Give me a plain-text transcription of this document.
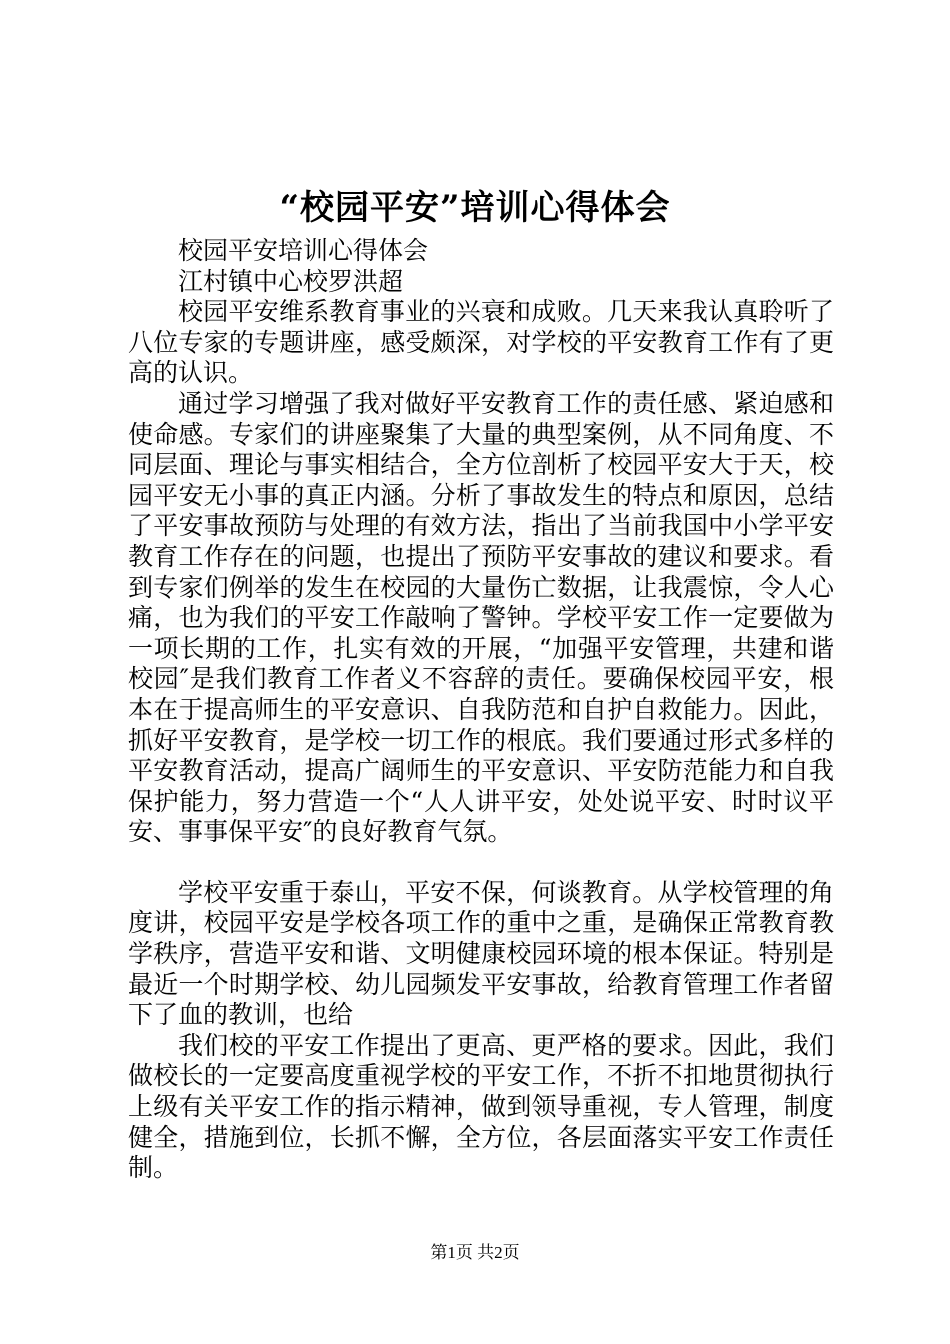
“校园平安”培训心得体会

校园平安培训心得体会

江村镇中心校罗洪超

校园平安维系教育事业的兴衰和成败。几天来我认真聆听了八位专家的专题讲座，感受颇深，对学校的平安教育工作有了更高的认识。

通过学习增强了我对做好平安教育工作的责任感、紧迫感和使命感。专家们的讲座聚集了大量的典型案例，从不同角度、不同层面、理论与事实相结合，全方位剖析了校园平安大于天，校园平安无小事的真正内涵。分析了事故发生的特点和原因，总结了平安事故预防与处理的有效方法，指出了当前我国中小学平安教育工作存在的问题，也提出了预防平安事故的建议和要求。看到专家们例举的发生在校园的大量伤亡数据，让我震惊，令人心痛，也为我们的平安工作敲响了警钟。学校平安工作一定要做为一项长期的工作，扎实有效的开展，“加强平安管理，共建和谐校园″是我们教育工作者义不容辞的责任。要确保校园平安，根本在于提高师生的平安意识、自我防范和自护自救能力。因此，抓好平安教育，是学校一切工作的根底。我们要通过形式多样的平安教育活动，提高广阔师生的平安意识、平安防范能力和自我保护能力，努力营造一个“人人讲平安，处处说平安、时时议平安、事事保平安″的良好教育气氛。

学校平安重于泰山，平安不保，何谈教育。从学校管理的角度讲，校园平安是学校各项工作的重中之重，是确保正常教育教学秩序，营造平安和谐、文明健康校园环境的根本保证。特别是最近一个时期学校、幼儿园频发平安事故，给教育管理工作者留下了血的教训，也给

我们校的平安工作提出了更高、更严格的要求。因此，我们做校长的一定要高度重视学校的平安工作，不折不扣地贯彻执行上级有关平安工作的指示精神，做到领导重视，专人管理，制度健全，措施到位，长抓不懈，全方位，各层面落实平安工作责任制。

第1页 共2页
